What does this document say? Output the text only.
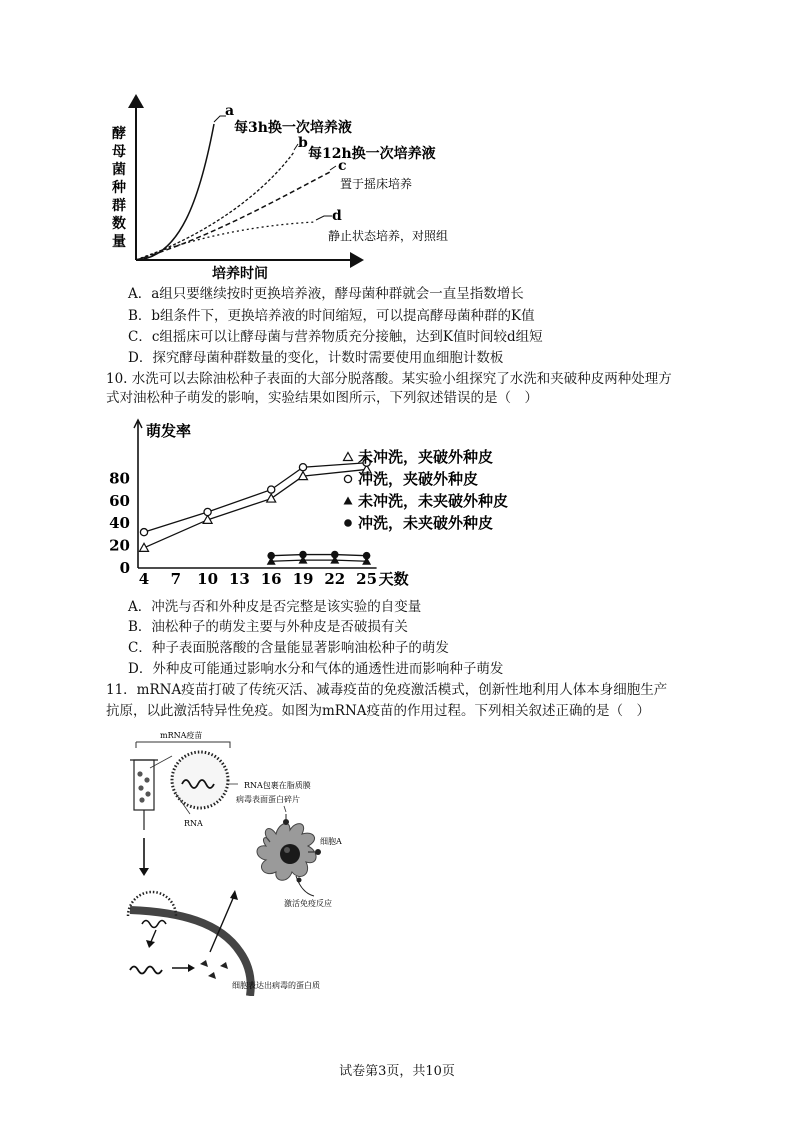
酵
母
菌
种
群
数
量
培养时间
a
每3h换一次培养液
b
每12h换一次培养液
c
置于摇床培养
d
静止状态培养，对照组
A．a组只要继续按时更换培养液，酵母菌种群就会一直呈指数增长
B．b组条件下，更换培养液的时间缩短，可以提高酵母菌种群的K值
C．c组摇床可以让酵母菌与营养物质充分接触，达到K值时间较d组短
D．探究酵母菌种群数量的变化，计数时需要使用血细胞计数板
10. 水洗可以去除油松种子表面的大部分脱落酸。某实验小组探究了水洗和夹破种皮两种处理方
式对油松种子萌发的影响，实验结果如图所示，下列叙述错误的是（　）
萌发率
0
20
40
60
80
4 7 10 13 16 19 22 25 天数
未冲洗，夹破外种皮
冲洗，夹破外种皮
未冲洗，未夹破外种皮
冲洗，未夹破外种皮
A．冲洗与否和外种皮是否完整是该实验的自变量
B．油松种子的萌发主要与外种皮是否破损有关
C．种子表面脱落酸的含量能显著影响油松种子的萌发
D．外种皮可能通过影响水分和气体的通透性进而影响种子萌发
11．mRNA疫苗打破了传统灭活、减毒疫苗的免疫激活模式，创新性地利用人体本身细胞生产
抗原，以此激活特异性免疫。如图为mRNA疫苗的作用过程。下列相关叙述正确的是（　）
mRNA疫苗
RNA
RNA包裹在脂质膜
病毒表面蛋白碎片
细胞A
激活免疫反应
细胞表达出病毒的蛋白质
试卷第3页，共10页
